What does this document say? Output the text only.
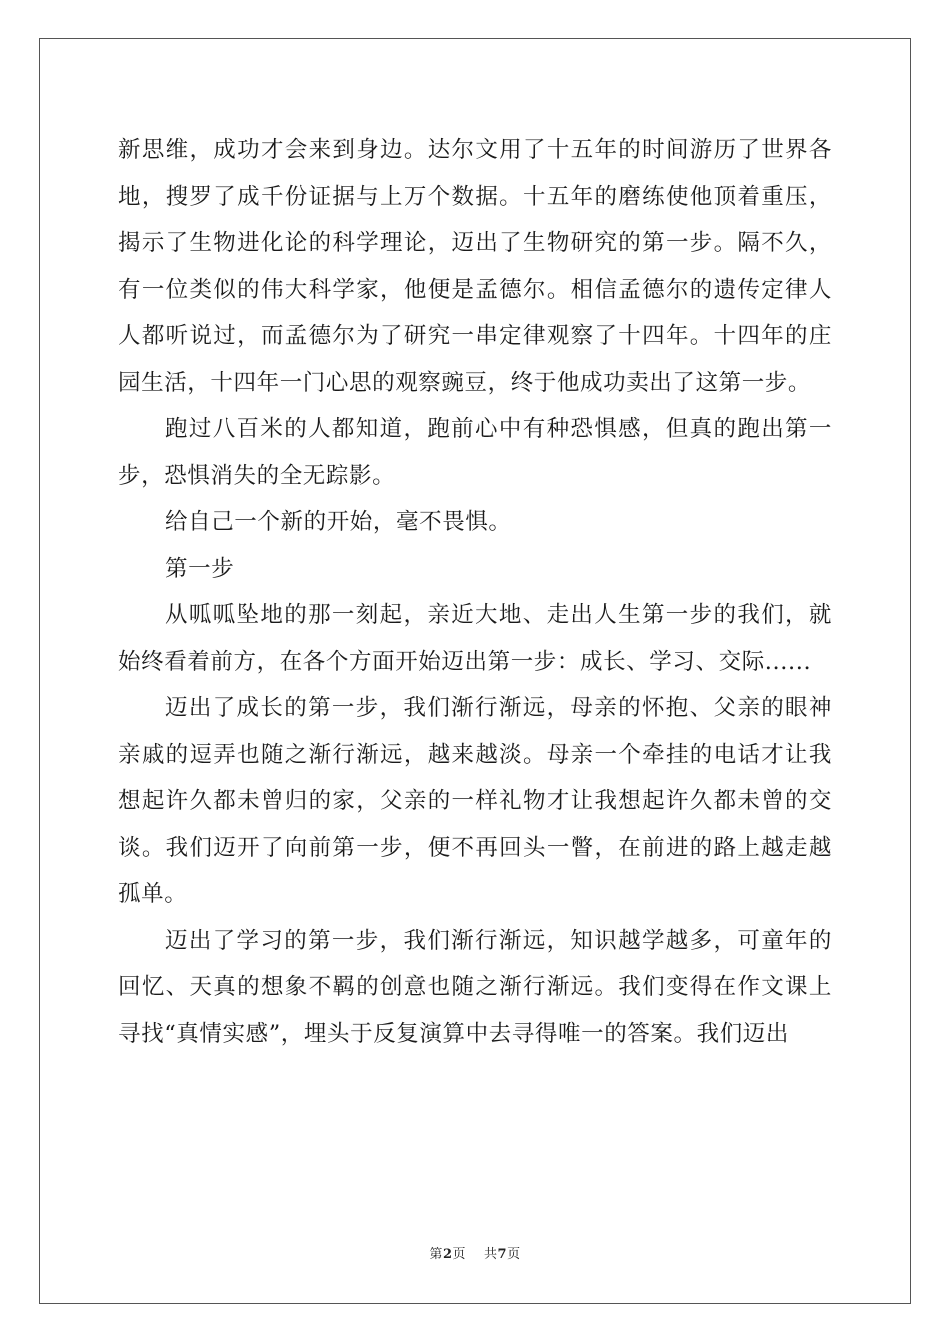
新思维，成功才会来到身边。达尔文用了十五年的时间游历了世界各地，搜罗了成千份证据与上万个数据。十五年的磨练使他顶着重压，揭示了生物进化论的科学理论，迈出了生物研究的第一步。隔不久，有一位类似的伟大科学家，他便是孟德尔。相信孟德尔的遗传定律人人都听说过，而孟德尔为了研究一串定律观察了十四年。十四年的庄园生活，十四年一门心思的观察豌豆，终于他成功卖出了这第一步。

跑过八百米的人都知道，跑前心中有种恐惧感，但真的跑出第一步，恐惧消失的全无踪影。

给自己一个新的开始，毫不畏惧。

第一步

从呱呱坠地的那一刻起，亲近大地、走出人生第一步的我们，就始终看着前方，在各个方面开始迈出第一步：成长、学习、交际......

迈出了成长的第一步，我们渐行渐远，母亲的怀抱、父亲的眼神亲戚的逗弄也随之渐行渐远，越来越淡。母亲一个牵挂的电话才让我想起许久都未曾归的家，父亲的一样礼物才让我想起许久都未曾的交谈。我们迈开了向前第一步，便不再回头一瞥，在前进的路上越走越孤单。

迈出了学习的第一步，我们渐行渐远，知识越学越多，可童年的回忆、天真的想象不羁的创意也随之渐行渐远。我们变得在作文课上寻找“真情实感”，埋头于反复演算中去寻得唯一的答案。我们迈出

第2页 共7页
